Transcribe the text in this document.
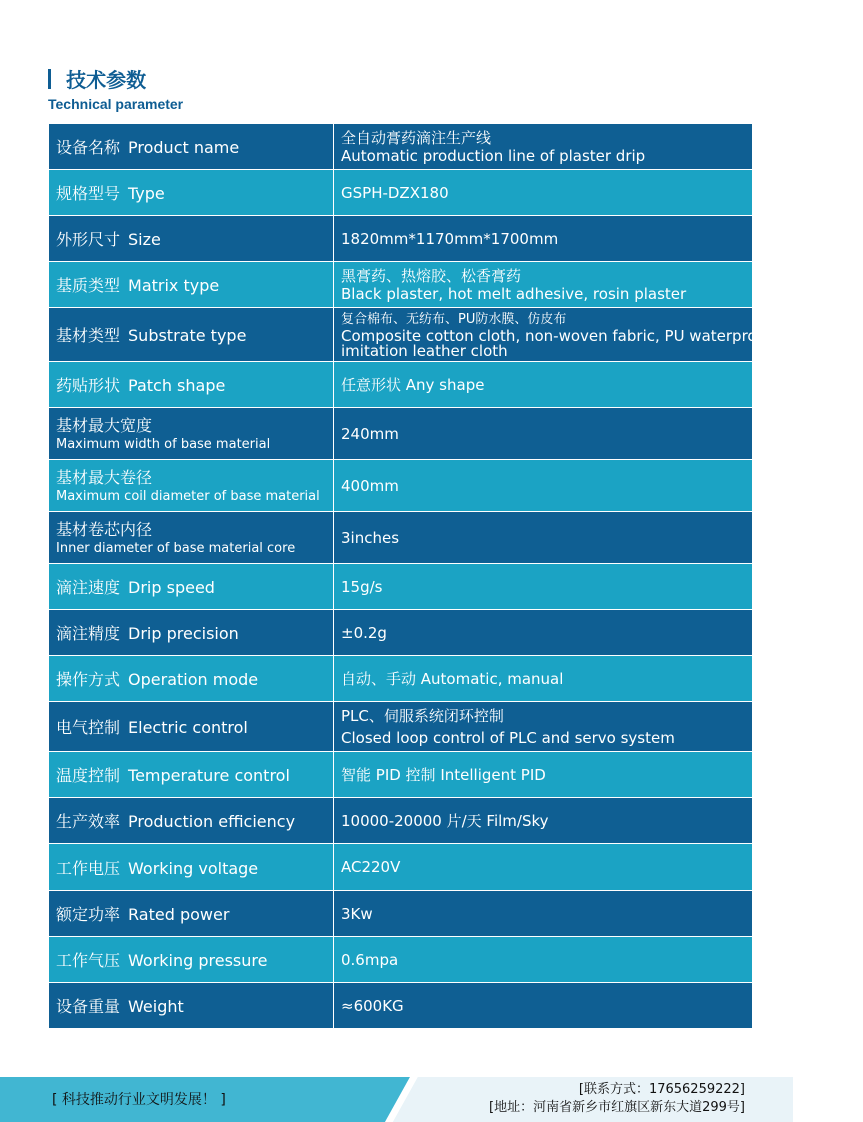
技术参数
Technical parameter
设备名称 Product name	全自动膏药滴注生产线
Automatic production line of plaster drip

规格型号 Type	GSPH-DZX180
外形尺寸 Size	1820mm*1170mm*1700mm
基质类型 Matrix type	黑膏药、热熔胶、松香膏药
Black plaster, hot melt adhesive, rosin plaster

基材类型 Substrate type	复合棉布、无纺布、PU防水膜、仿皮布
Composite cotton cloth, non-woven fabric, PU waterproof membrane,
imitation leather cloth

药贴形状 Patch shape	任意形状 Any shape

基材最大宽度
Maximum width of base material	240mm

基材最大卷径
Maximum coil diameter of base material	400mm

基材卷芯内径
Inner diameter of base material core	3inches
滴注速度 Drip speed	15g/s
滴注精度 Drip precision	±0.2g
操作方式 Operation mode	自动、手动 Automatic, manual
电气控制 Electric control	PLC、伺服系统闭环控制
Closed loop control of PLC and servo system

温度控制 Temperature control	智能 PID 控制 Intelligent PID
生产效率 Production efficiency	10000-20000 片/天 Film/Sky
工作电压 Working voltage	AC220V
额定功率 Rated power	3Kw
工作气压 Working pressure	0.6mpa
设备重量 Weight	≈600KG
[ 科技推动行业文明发展！ ]
[联系方式：17656259222]
[地址：河南省新乡市红旗区新东大道299号]
